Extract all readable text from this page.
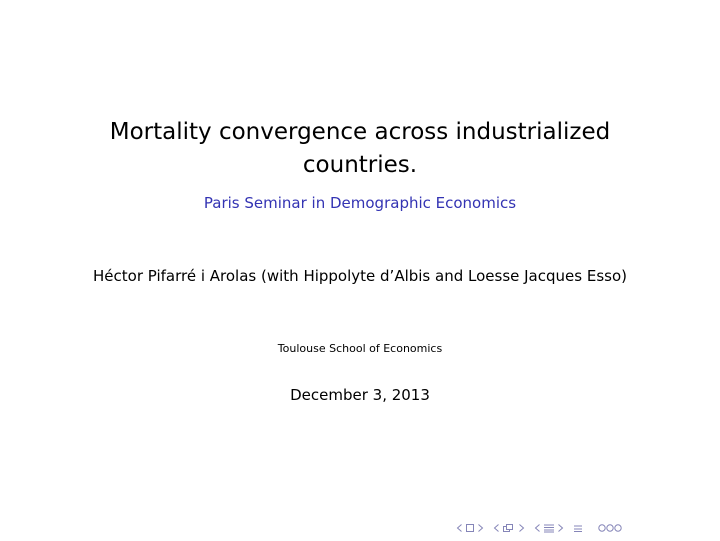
Mortality convergence across industrialized countries.
Paris Seminar in Demographic Economics
Héctor Pifarré i Arolas (with Hippolyte d’Albis and Loesse Jacques Esso)
Toulouse School of Economics
December 3, 2013
